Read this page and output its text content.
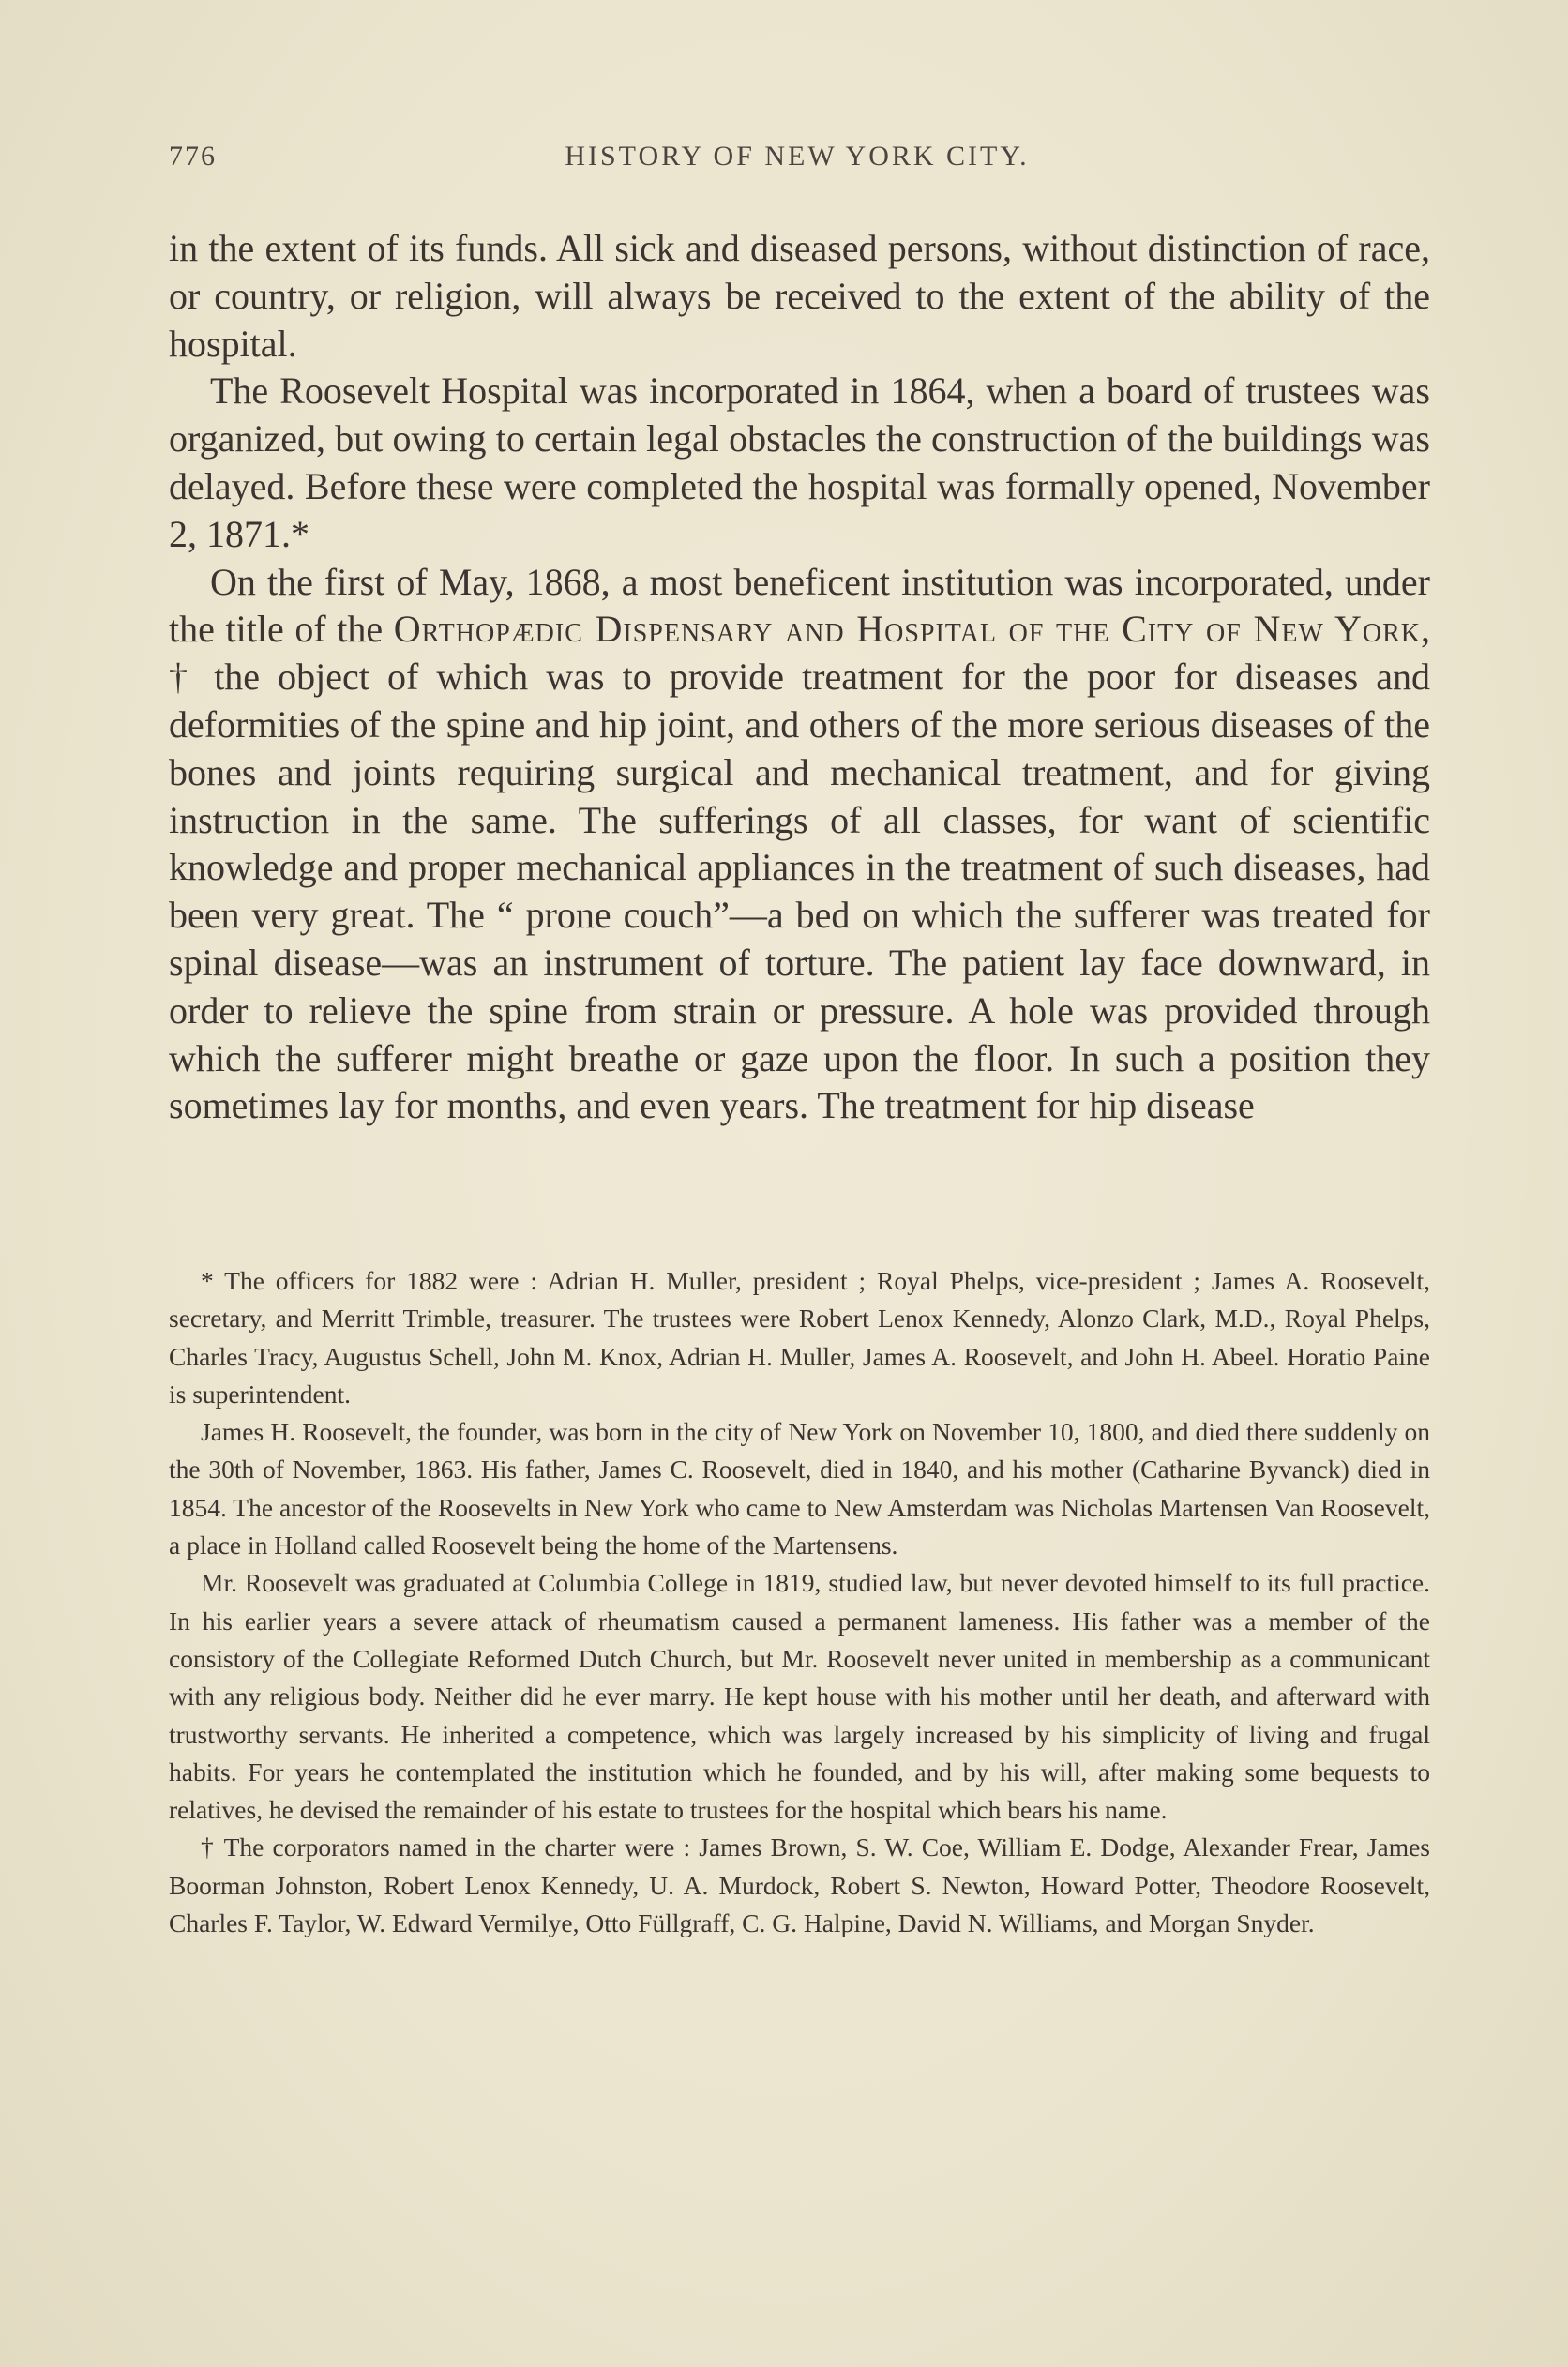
776	HISTORY OF NEW YORK CITY.

in the extent of its funds. All sick and diseased persons, without distinction of race, or country, or religion, will always be received to the extent of the ability of the hospital.

The Roosevelt Hospital was incorporated in 1864, when a board of trustees was organized, but owing to certain legal obstacles the construction of the buildings was delayed. Before these were completed the hospital was formally opened, November 2, 1871.*

On the first of May, 1868, a most beneficent institution was incorporated, under the title of the Orthopædic Dispensary and Hospital of the City of New York, † the object of which was to provide treatment for the poor for diseases and deformities of the spine and hip joint, and others of the more serious diseases of the bones and joints requiring surgical and mechanical treatment, and for giving instruction in the same. The sufferings of all classes, for want of scientific knowledge and proper mechanical appliances in the treatment of such diseases, had been very great. The “ prone couch”—a bed on which the sufferer was treated for spinal disease—was an instrument of torture. The patient lay face downward, in order to relieve the spine from strain or pressure. A hole was provided through which the sufferer might breathe or gaze upon the floor. In such a position they sometimes lay for months, and even years. The treatment for hip disease

* The officers for 1882 were : Adrian H. Muller, president ; Royal Phelps, vice-president ; James A. Roosevelt, secretary, and Merritt Trimble, treasurer. The trustees were Robert Lenox Kennedy, Alonzo Clark, M.D., Royal Phelps, Charles Tracy, Augustus Schell, John M. Knox, Adrian H. Muller, James A. Roosevelt, and John H. Abeel. Horatio Paine is superintendent.

James H. Roosevelt, the founder, was born in the city of New York on November 10, 1800, and died there suddenly on the 30th of November, 1863. His father, James C. Roosevelt, died in 1840, and his mother (Catharine Byvanck) died in 1854. The ancestor of the Roosevelts in New York who came to New Amsterdam was Nicholas Martensen Van Roosevelt, a place in Holland called Roosevelt being the home of the Martensens.

Mr. Roosevelt was graduated at Columbia College in 1819, studied law, but never devoted himself to its full practice. In his earlier years a severe attack of rheumatism caused a permanent lameness. His father was a member of the consistory of the Collegiate Reformed Dutch Church, but Mr. Roosevelt never united in membership as a communicant with any religious body. Neither did he ever marry. He kept house with his mother until her death, and afterward with trustworthy servants. He inherited a competence, which was largely increased by his simplicity of living and frugal habits. For years he contemplated the institution which he founded, and by his will, after making some bequests to relatives, he devised the remainder of his estate to trustees for the hospital which bears his name.

† The corporators named in the charter were : James Brown, S. W. Coe, William E. Dodge, Alexander Frear, James Boorman Johnston, Robert Lenox Kennedy, U. A. Murdock, Robert S. Newton, Howard Potter, Theodore Roosevelt, Charles F. Taylor, W. Edward Vermilye, Otto Füllgraff, C. G. Halpine, David N. Williams, and Morgan Snyder.
